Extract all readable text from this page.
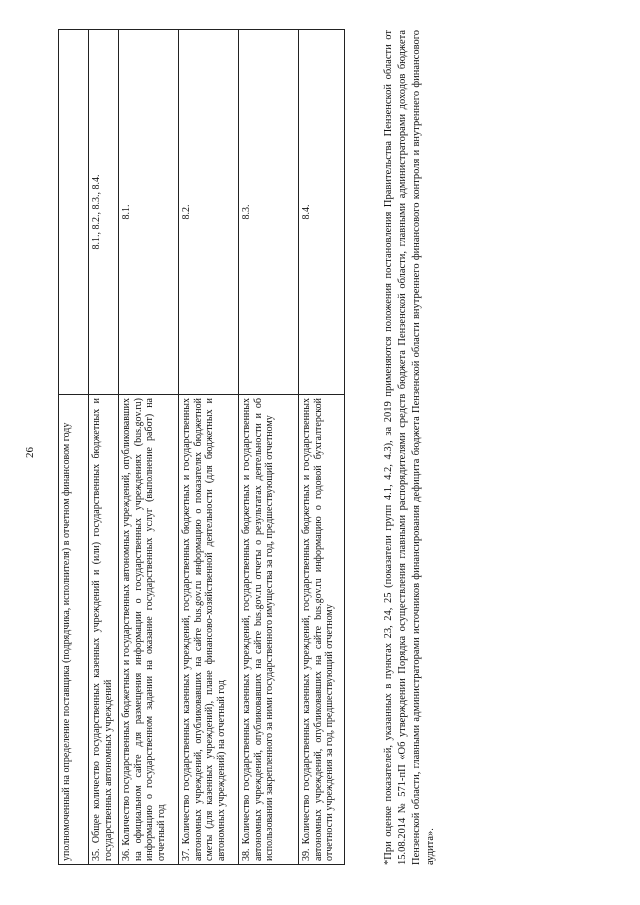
26	уполномоченный на определение поставщика (подрядчика, исполнителя) в отчетном финансовом году	
35. Общее количество государственных казенных учреждений и (или) государственных бюджетных и государственных автономных учреждений	8.1., 8.2., 8.3., 8.4.
36. Количество государственных бюджетных и государственных автономных учреждений, опубликовавших на официальном сайте для размещения информации о государственных учреждениях (bus.gov.ru) информацию о государственном задании на оказание государственных услуг (выполнение работ) на отчетный год	8.1.
37. Количество государственных казенных учреждений, государственных бюджетных и государственных автономных учреждений, опубликовавших на сайте bus.gov.ru информацию о показателях бюджетной сметы (для казенных учреждений), плане финансово-хозяйственной деятельности (для бюджетных и автономных учреждений) на отчетный год	8.2.
38. Количество государственных казенных учреждений, государственных бюджетных и государственных автономных учреждений, опубликовавших на сайте bus.gov.ru отчеты о результатах деятельности и об использовании закрепленного за ними государственного имущества за год, предшествующий отчетному	8.3.
39. Количество государственных казенных учреждений, государственных бюджетных и государственных автономных учреждений, опубликовавших на сайте bus.gov.ru информацию о годовой бухгалтерской отчетности учреждения за год, предшествующий отчетному	8.4.	*При оценке показателей, указанных в пунктах 23, 24, 25 (показатели групп 4.1, 4.2, 4.3), за 2019 применяются положения постановления Правительства Пензенской области от 15.08.2014 № 571-пП «Об утверждении Порядка осуществления главными распорядителями средств бюджета Пензенской области, главными администраторами доходов бюджета Пензенской области, главными администраторами источников финансирования дефицита бюджета Пензенской области внутреннего финансового контроля и внутреннего финансового аудита».
